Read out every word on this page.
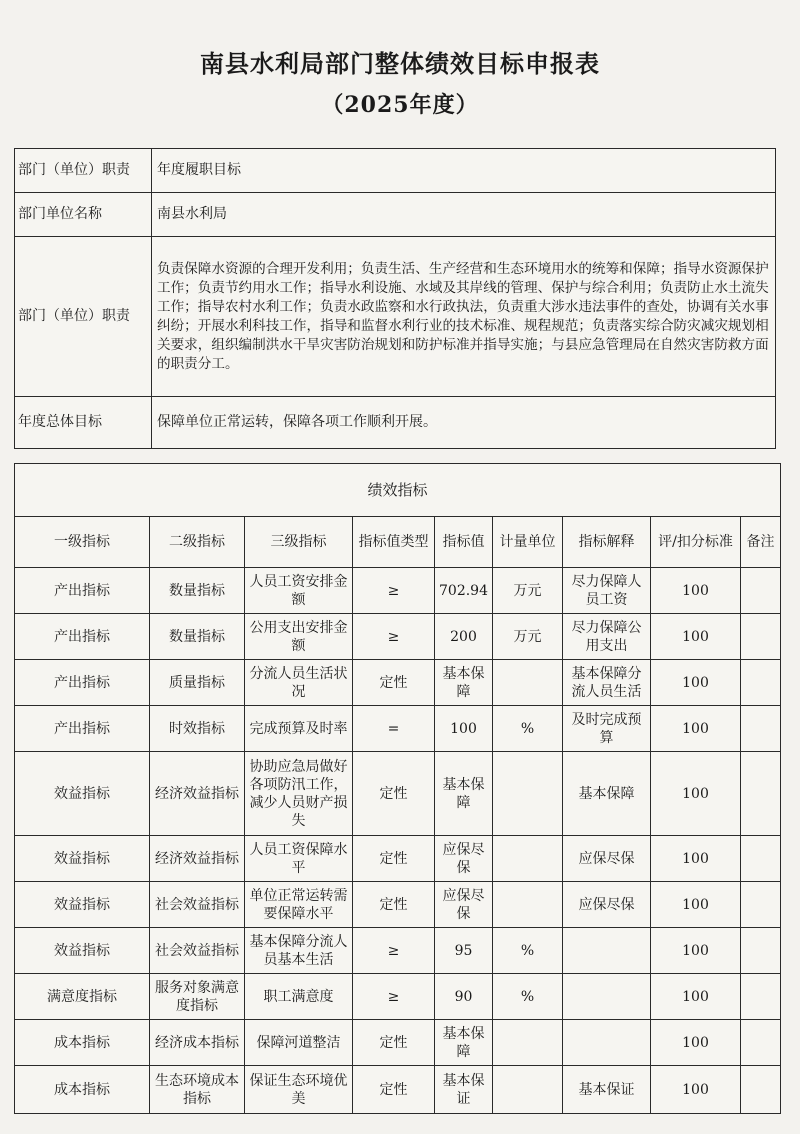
南县水利局部门整体绩效目标申报表
（2025年度）
部门（单位）职责	年度履职目标
部门单位名称	南县水利局
部门（单位）职责	负责保障水资源的合理开发利用；负责生活、生产经营和生态环境用水的统筹和保障；指导水资源保护工作；负责节约用水工作；指导水利设施、水域及其岸线的管理、保护与综合利用；负责防止水土流失工作；指导农村水利工作；负责水政监察和水行政执法，负责重大涉水违法事件的查处，协调有关水事纠纷；开展水利科技工作，指导和监督水利行业的技术标准、规程规范；负责落实综合防灾减灾规划相关要求，组织编制洪水干旱灾害防治规划和防护标准并指导实施；与县应急管理局在自然灾害防救方面的职责分工。
年度总体目标	保障单位正常运转，保障各项工作顺利开展。
绩效指标								
一级指标	二级指标	三级指标	指标值类型	指标值	计量单位	指标解释	评/扣分标准	备注
产出指标	数量指标	人员工资安排金额	≥	702.94	万元	尽力保障人员工资	100	
产出指标	数量指标	公用支出安排金额	≥	200	万元	尽力保障公用支出	100	
产出指标	质量指标	分流人员生活状况	定性	基本保障		基本保障分流人员生活	100	
产出指标	时效指标	完成预算及时率	=	100	%	及时完成预算	100	
效益指标	经济效益指标	协助应急局做好各项防汛工作，减少人员财产损失	定性	基本保障		基本保障	100	
效益指标	经济效益指标	人员工资保障水平	定性	应保尽保		应保尽保	100	
效益指标	社会效益指标	单位正常运转需要保障水平	定性	应保尽保		应保尽保	100	
效益指标	社会效益指标	基本保障分流人员基本生活	≥	95	%		100	
满意度指标	服务对象满意度指标	职工满意度	≥	90	%		100	
成本指标	经济成本指标	保障河道整洁	定性	基本保障			100	
成本指标	生态环境成本指标	保证生态环境优美	定性	基本保证		基本保证	100	
